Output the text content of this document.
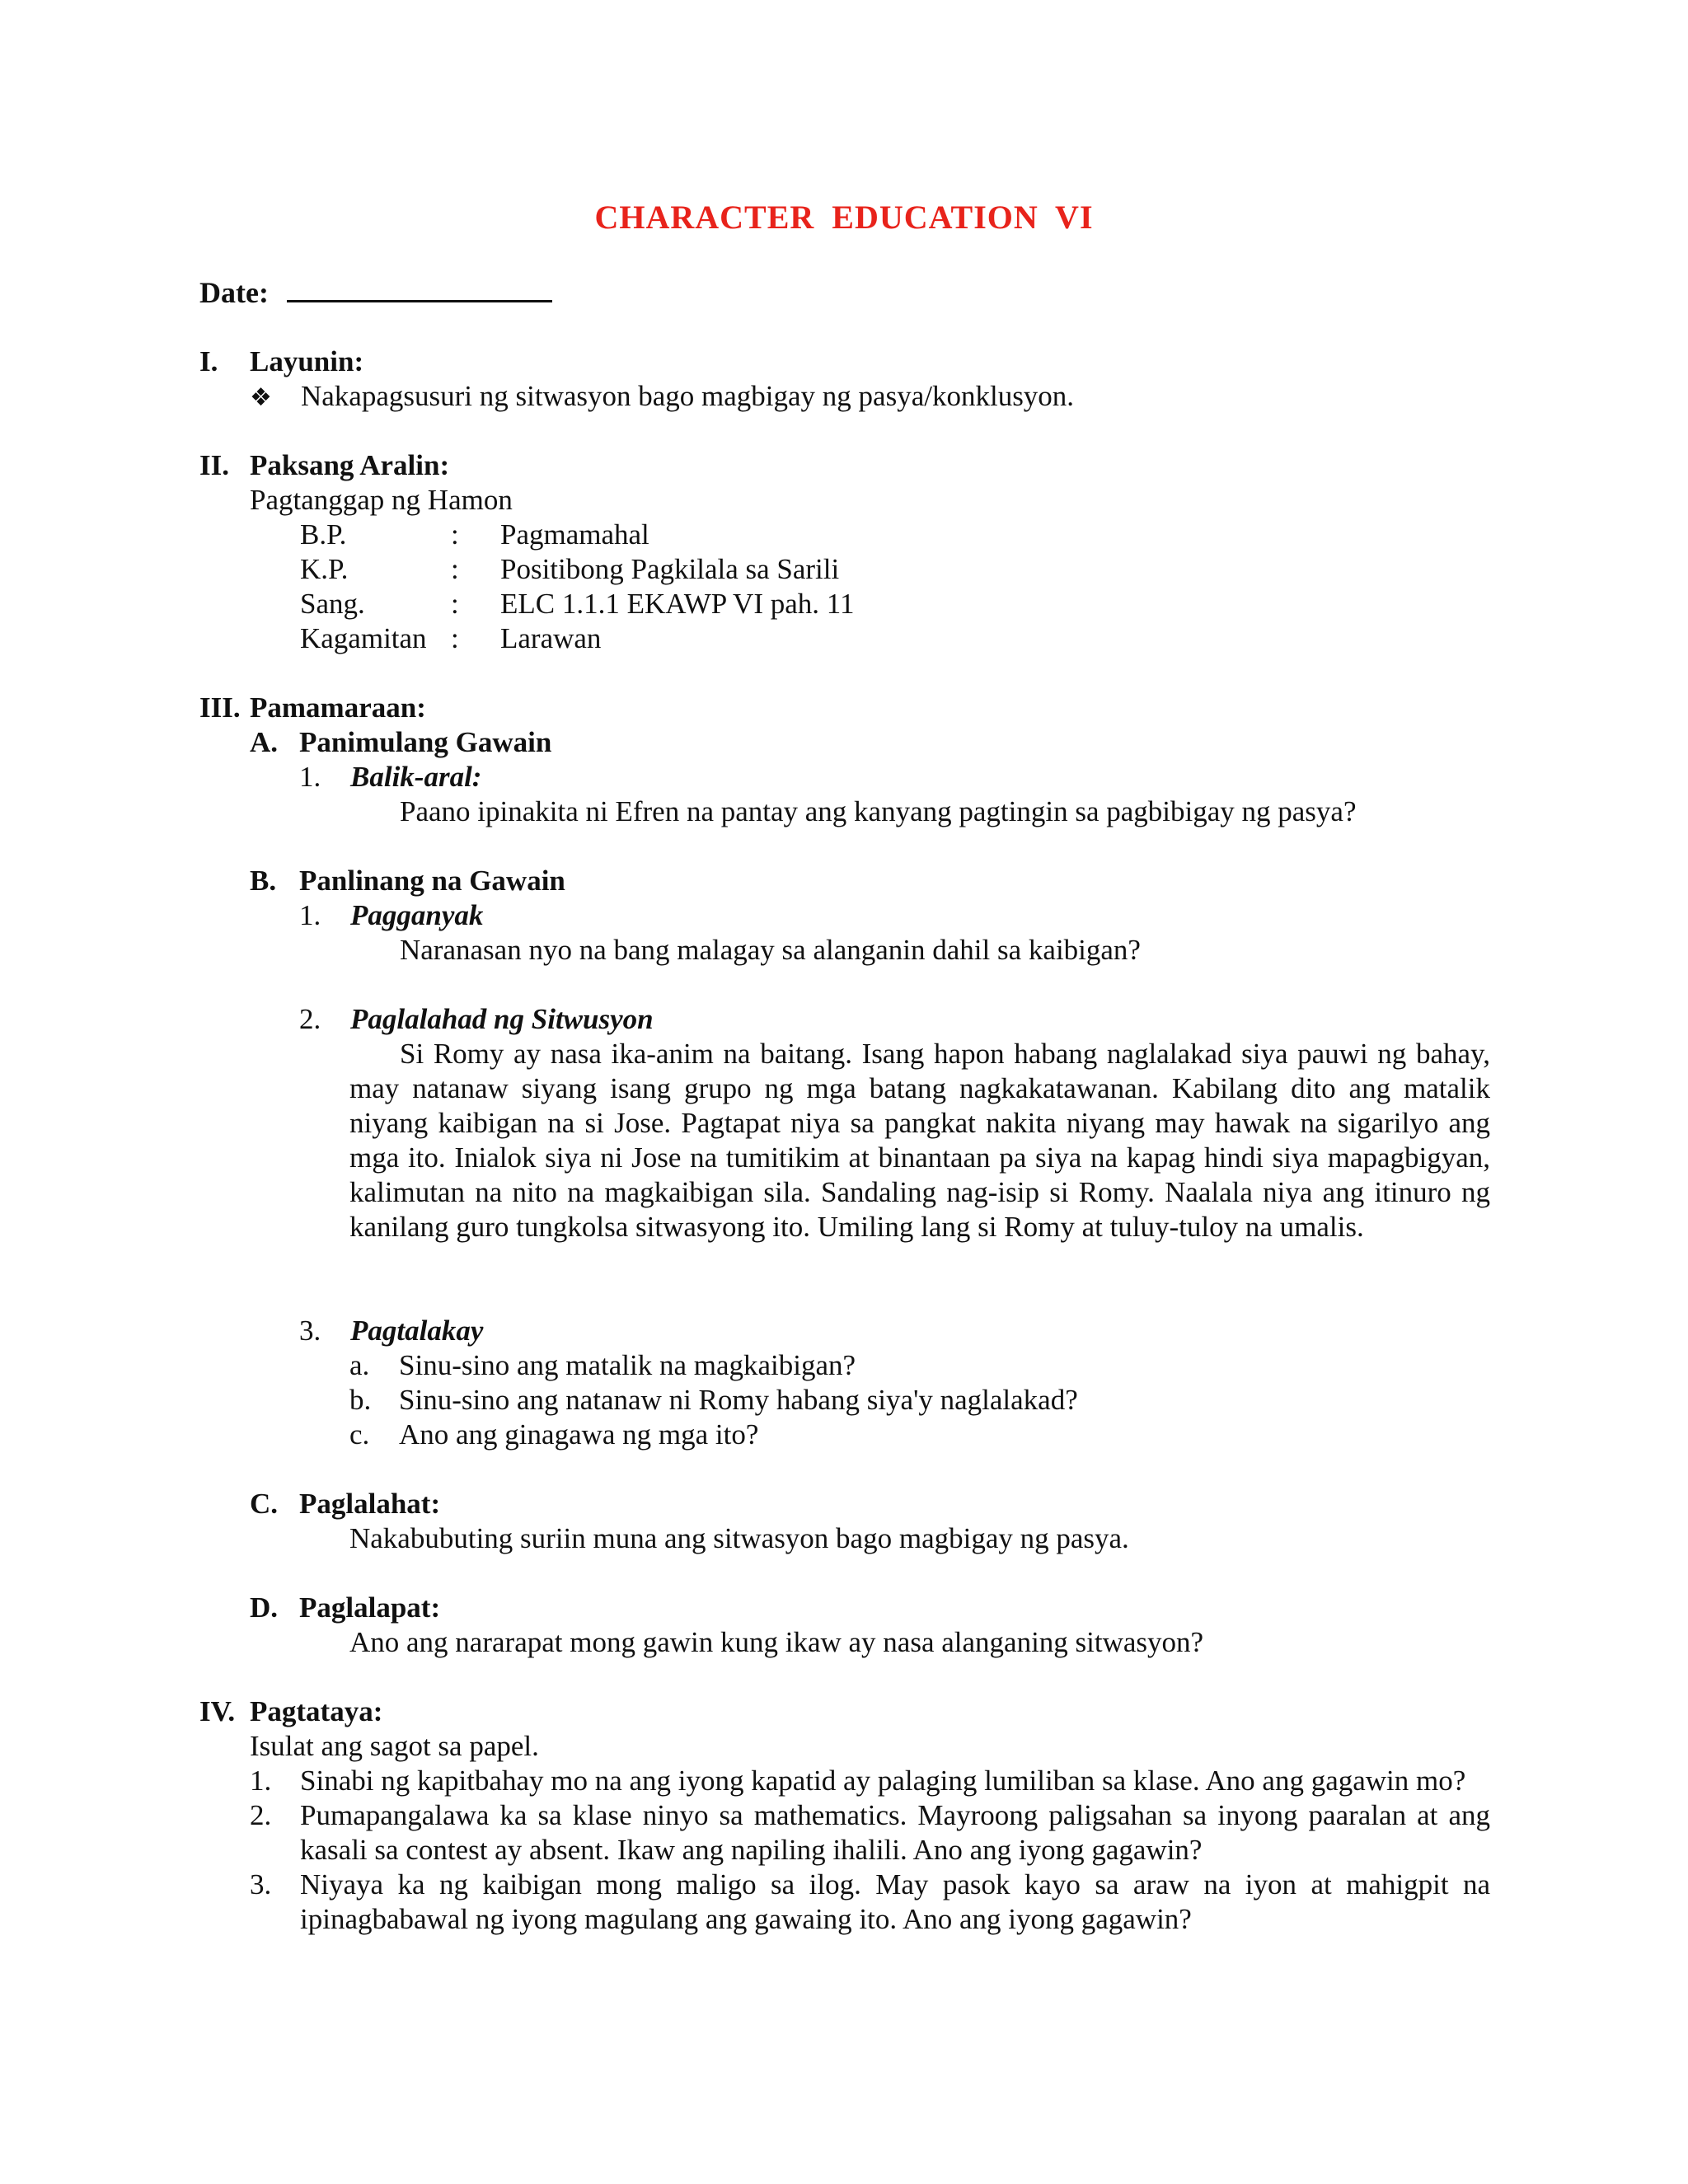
CHARACTER EDUCATION VI
Date:
I. Layunin:
❖ Nakapagsusuri ng sitwasyon bago magbigay ng pasya/konklusyon.
II. Paksang Aralin:
Pagtanggap ng Hamon
B.P.	:	Pagmamahal
K.P.	:	Positibong Pagkilala sa Sarili
Sang.	:	ELC 1.1.1 EKAWP VI pah. 11
Kagamitan :	Larawan
III. Pamamaraan:
A. Panimulang Gawain
1. Balik-aral:
Paano ipinakita ni Efren na pantay ang kanyang pagtingin sa pagbibigay ng pasya?
B. Panlinang na Gawain
1. Pagganyak
Naranasan nyo na bang malagay sa alanganin dahil sa kaibigan?
2. Paglalahad ng Sitwusyon
Si Romy ay nasa ika-anim na baitang. Isang hapon habang naglalakad siya pauwi ng bahay, may natanaw siyang isang grupo ng mga batang nagkakatawanan. Kabilang dito ang matalik niyang kaibigan na si Jose. Pagtapat niya sa pangkat nakita niyang may hawak na sigarilyo ang mga ito. Inialok siya ni Jose na tumitikim at binantaan pa siya na kapag hindi siya mapagbigyan, kalimutan na nito na magkaibigan sila. Sandaling nag-isip si Romy. Naalala niya ang itinuro ng kanilang guro tungkolsa sitwasyong ito. Umiling lang si Romy at tuluy-tuloy na umalis.
3. Pagtalakay
a. Sinu-sino ang matalik na magkaibigan?
b. Sinu-sino ang natanaw ni Romy habang siya'y naglalakad?
c. Ano ang ginagawa ng mga ito?
C. Paglalahat:
Nakabubuting suriin muna ang sitwasyon bago magbigay ng pasya.
D. Paglalapat:
Ano ang nararapat mong gawin kung ikaw ay nasa alanganing sitwasyon?
IV. Pagtataya:
Isulat ang sagot sa papel.
1. Sinabi ng kapitbahay mo na ang iyong kapatid ay palaging lumiliban sa klase. Ano ang gagawin mo?
2. Pumapangalawa ka sa klase ninyo sa mathematics. Mayroong paligsahan sa inyong paaralan at ang kasali sa contest ay absent. Ikaw ang napiling ihalili. Ano ang iyong gagawin?
3. Niyaya ka ng kaibigan mong maligo sa ilog. May pasok kayo sa araw na iyon at mahigpit na ipinagbabawal ng iyong magulang ang gawaing ito. Ano ang iyong gagawin?
